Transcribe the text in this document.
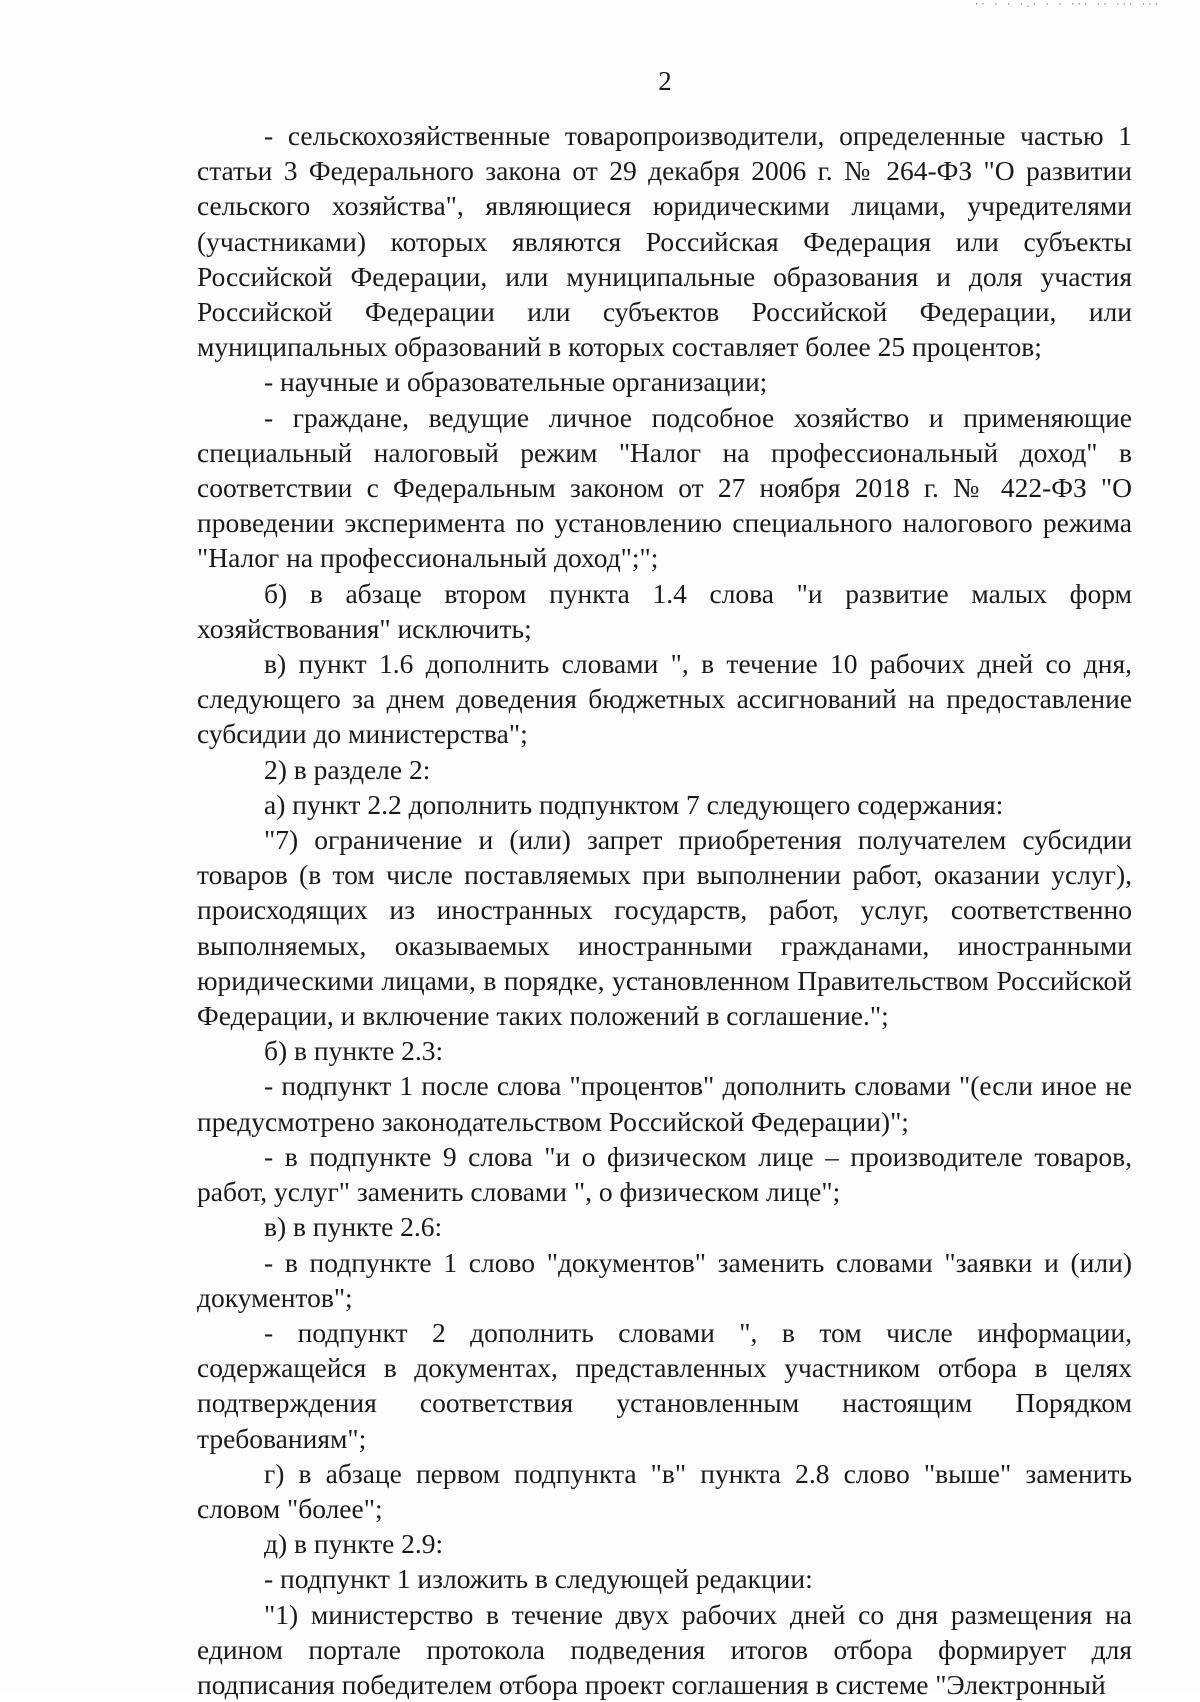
·· · · ·.· · · ··· ·· ··· ···
2

- сельскохозяйственные товаропроизводители, определенные частью 1 статьи 3 Федерального закона от 29 декабря 2006 г. № 264-ФЗ "О развитии сельского хозяйства", являющиеся юридическими лицами, учредителями (участниками) которых являются Российская Федерация или субъекты Российской Федерации, или муниципальные образования и доля участия Российской Федерации или субъектов Российской Федерации, или муниципальных образований в которых составляет более 25 процентов;

- научные и образовательные организации;

- граждане, ведущие личное подсобное хозяйство и применяющие специальный налоговый режим "Налог на профессиональный доход" в соответствии с Федеральным законом от 27 ноября 2018 г. № 422-ФЗ "О проведении эксперимента по установлению специального налогового режима "Налог на профессиональный доход";";

б) в абзаце втором пункта 1.4 слова "и развитие малых форм хозяйствования" исключить;

в) пункт 1.6 дополнить словами ", в течение 10 рабочих дней со дня, следующего за днем доведения бюджетных ассигнований на предоставление субсидии до министерства";

2) в разделе 2:

а) пункт 2.2 дополнить подпунктом 7 следующего содержания:

"7) ограничение и (или) запрет приобретения получателем субсидии товаров (в том числе поставляемых при выполнении работ, оказании услуг), происходящих из иностранных государств, работ, услуг, соответственно выполняемых, оказываемых иностранными гражданами, иностранными юридическими лицами, в порядке, установленном Правительством Российской Федерации, и включение таких положений в соглашение.";

б) в пункте 2.3:

- подпункт 1 после слова "процентов" дополнить словами "(если иное не предусмотрено законодательством Российской Федерации)";

- в подпункте 9 слова "и о физическом лице – производителе товаров, работ, услуг" заменить словами ", о физическом лице";

в) в пункте 2.6:

- в подпункте 1 слово "документов" заменить словами "заявки и (или) документов";

- подпункт 2 дополнить словами ", в том числе информации, содержащейся в документах, представленных участником отбора в целях подтверждения соответствия установленным настоящим Порядком требованиям";

г) в абзаце первом подпункта "в" пункта 2.8 слово "выше" заменить словом "более";

д) в пункте 2.9:

- подпункт 1 изложить в следующей редакции:

"1) министерство в течение двух рабочих дней со дня размещения на едином портале протокола подведения итогов отбора формирует для подписания победителем отбора проект соглашения в системе "Электронный
